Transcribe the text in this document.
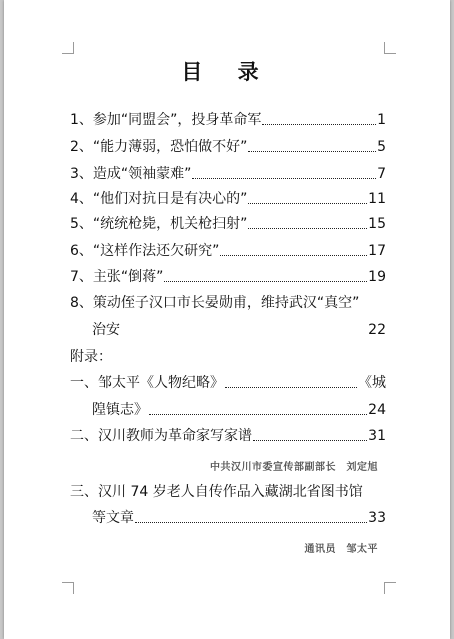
目 录
1、参加“同盟会”，投身革命军	1
2、“能力薄弱，恐怕做不好”	5
3、造成“领袖蒙难”	7
4、“他们对抗日是有决心的”	11
5、“统统枪毙，机关枪扫射”	15
6、“这样作法还欠研究”	17
7、主张“倒蒋”	19
8、策动侄子汉口市长晏勋甫，维持武汉“真空”
治安	22
附录：
一、邹太平《人物纪略》	《城
隍镇志》	24
二、汉川教师为革命家写家谱	31
中共汉川市委宣传部副部长　刘定旭
三、汉川 74 岁老人自传作品入藏湖北省图书馆
等文章	33
通讯员　邹太平
